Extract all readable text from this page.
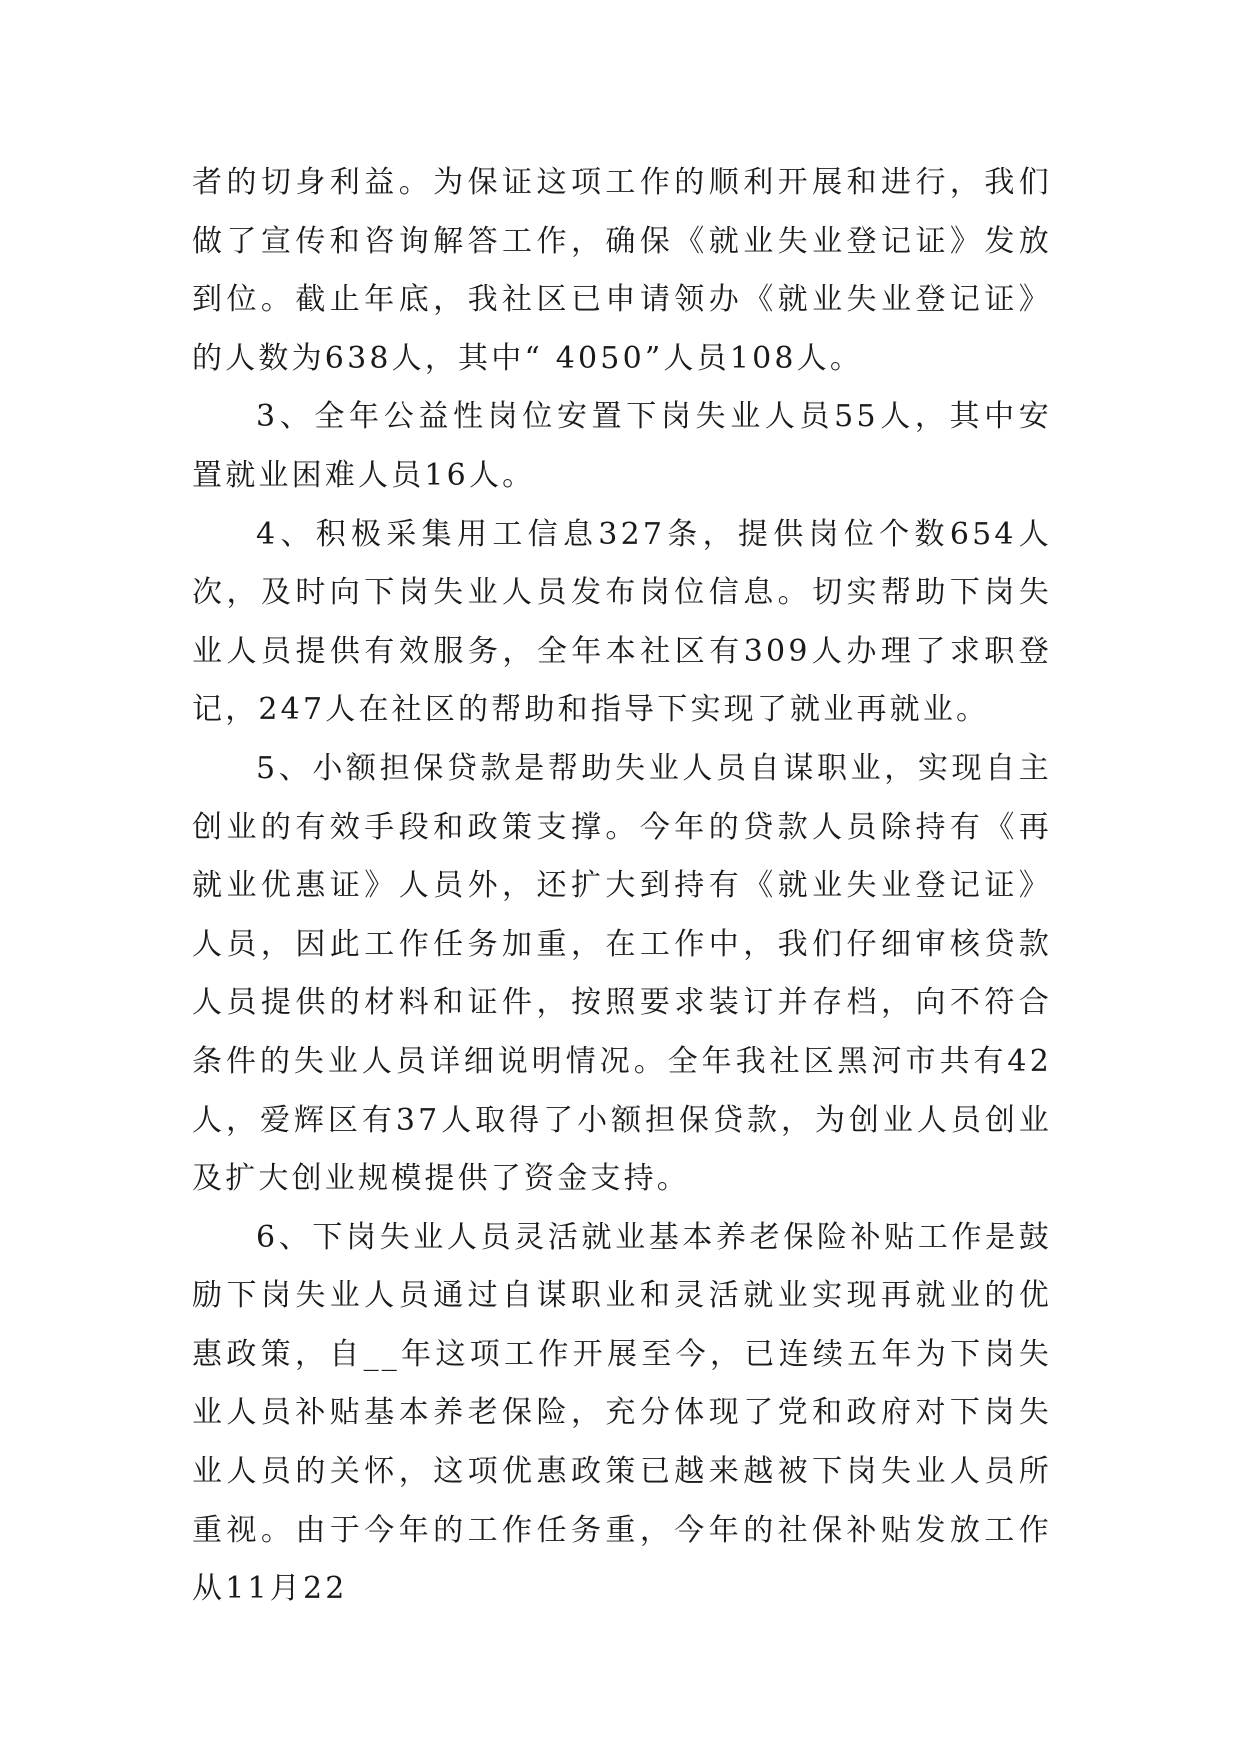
者的切身利益。为保证这项工作的顺利开展和进行，我们做了宣传和咨询解答工作，确保《就业失业登记证》发放到位。截止年底，我社区已申请领办《就业失业登记证》的人数为638人，其中“ 4050”人员108人。

3、全年公益性岗位安置下岗失业人员55人，其中安置就业困难人员16人。

4、积极采集用工信息327条，提供岗位个数654人次，及时向下岗失业人员发布岗位信息。切实帮助下岗失业人员提供有效服务，全年本社区有309人办理了求职登记，247人在社区的帮助和指导下实现了就业再就业。

5、小额担保贷款是帮助失业人员自谋职业，实现自主创业的有效手段和政策支撑。今年的贷款人员除持有《再就业优惠证》人员外，还扩大到持有《就业失业登记证》人员，因此工作任务加重，在工作中，我们仔细审核贷款人员提供的材料和证件，按照要求装订并存档，向不符合条件的失业人员详细说明情况。全年我社区黑河市共有42人，爱辉区有37人取得了小额担保贷款，为创业人员创业及扩大创业规模提供了资金支持。

6、下岗失业人员灵活就业基本养老保险补贴工作是鼓励下岗失业人员通过自谋职业和灵活就业实现再就业的优惠政策，自__年这项工作开展至今，已连续五年为下岗失业人员补贴基本养老保险，充分体现了党和政府对下岗失业人员的关怀，这项优惠政策已越来越被下岗失业人员所重视。由于今年的工作任务重，今年的社保补贴发放工作从11月22
